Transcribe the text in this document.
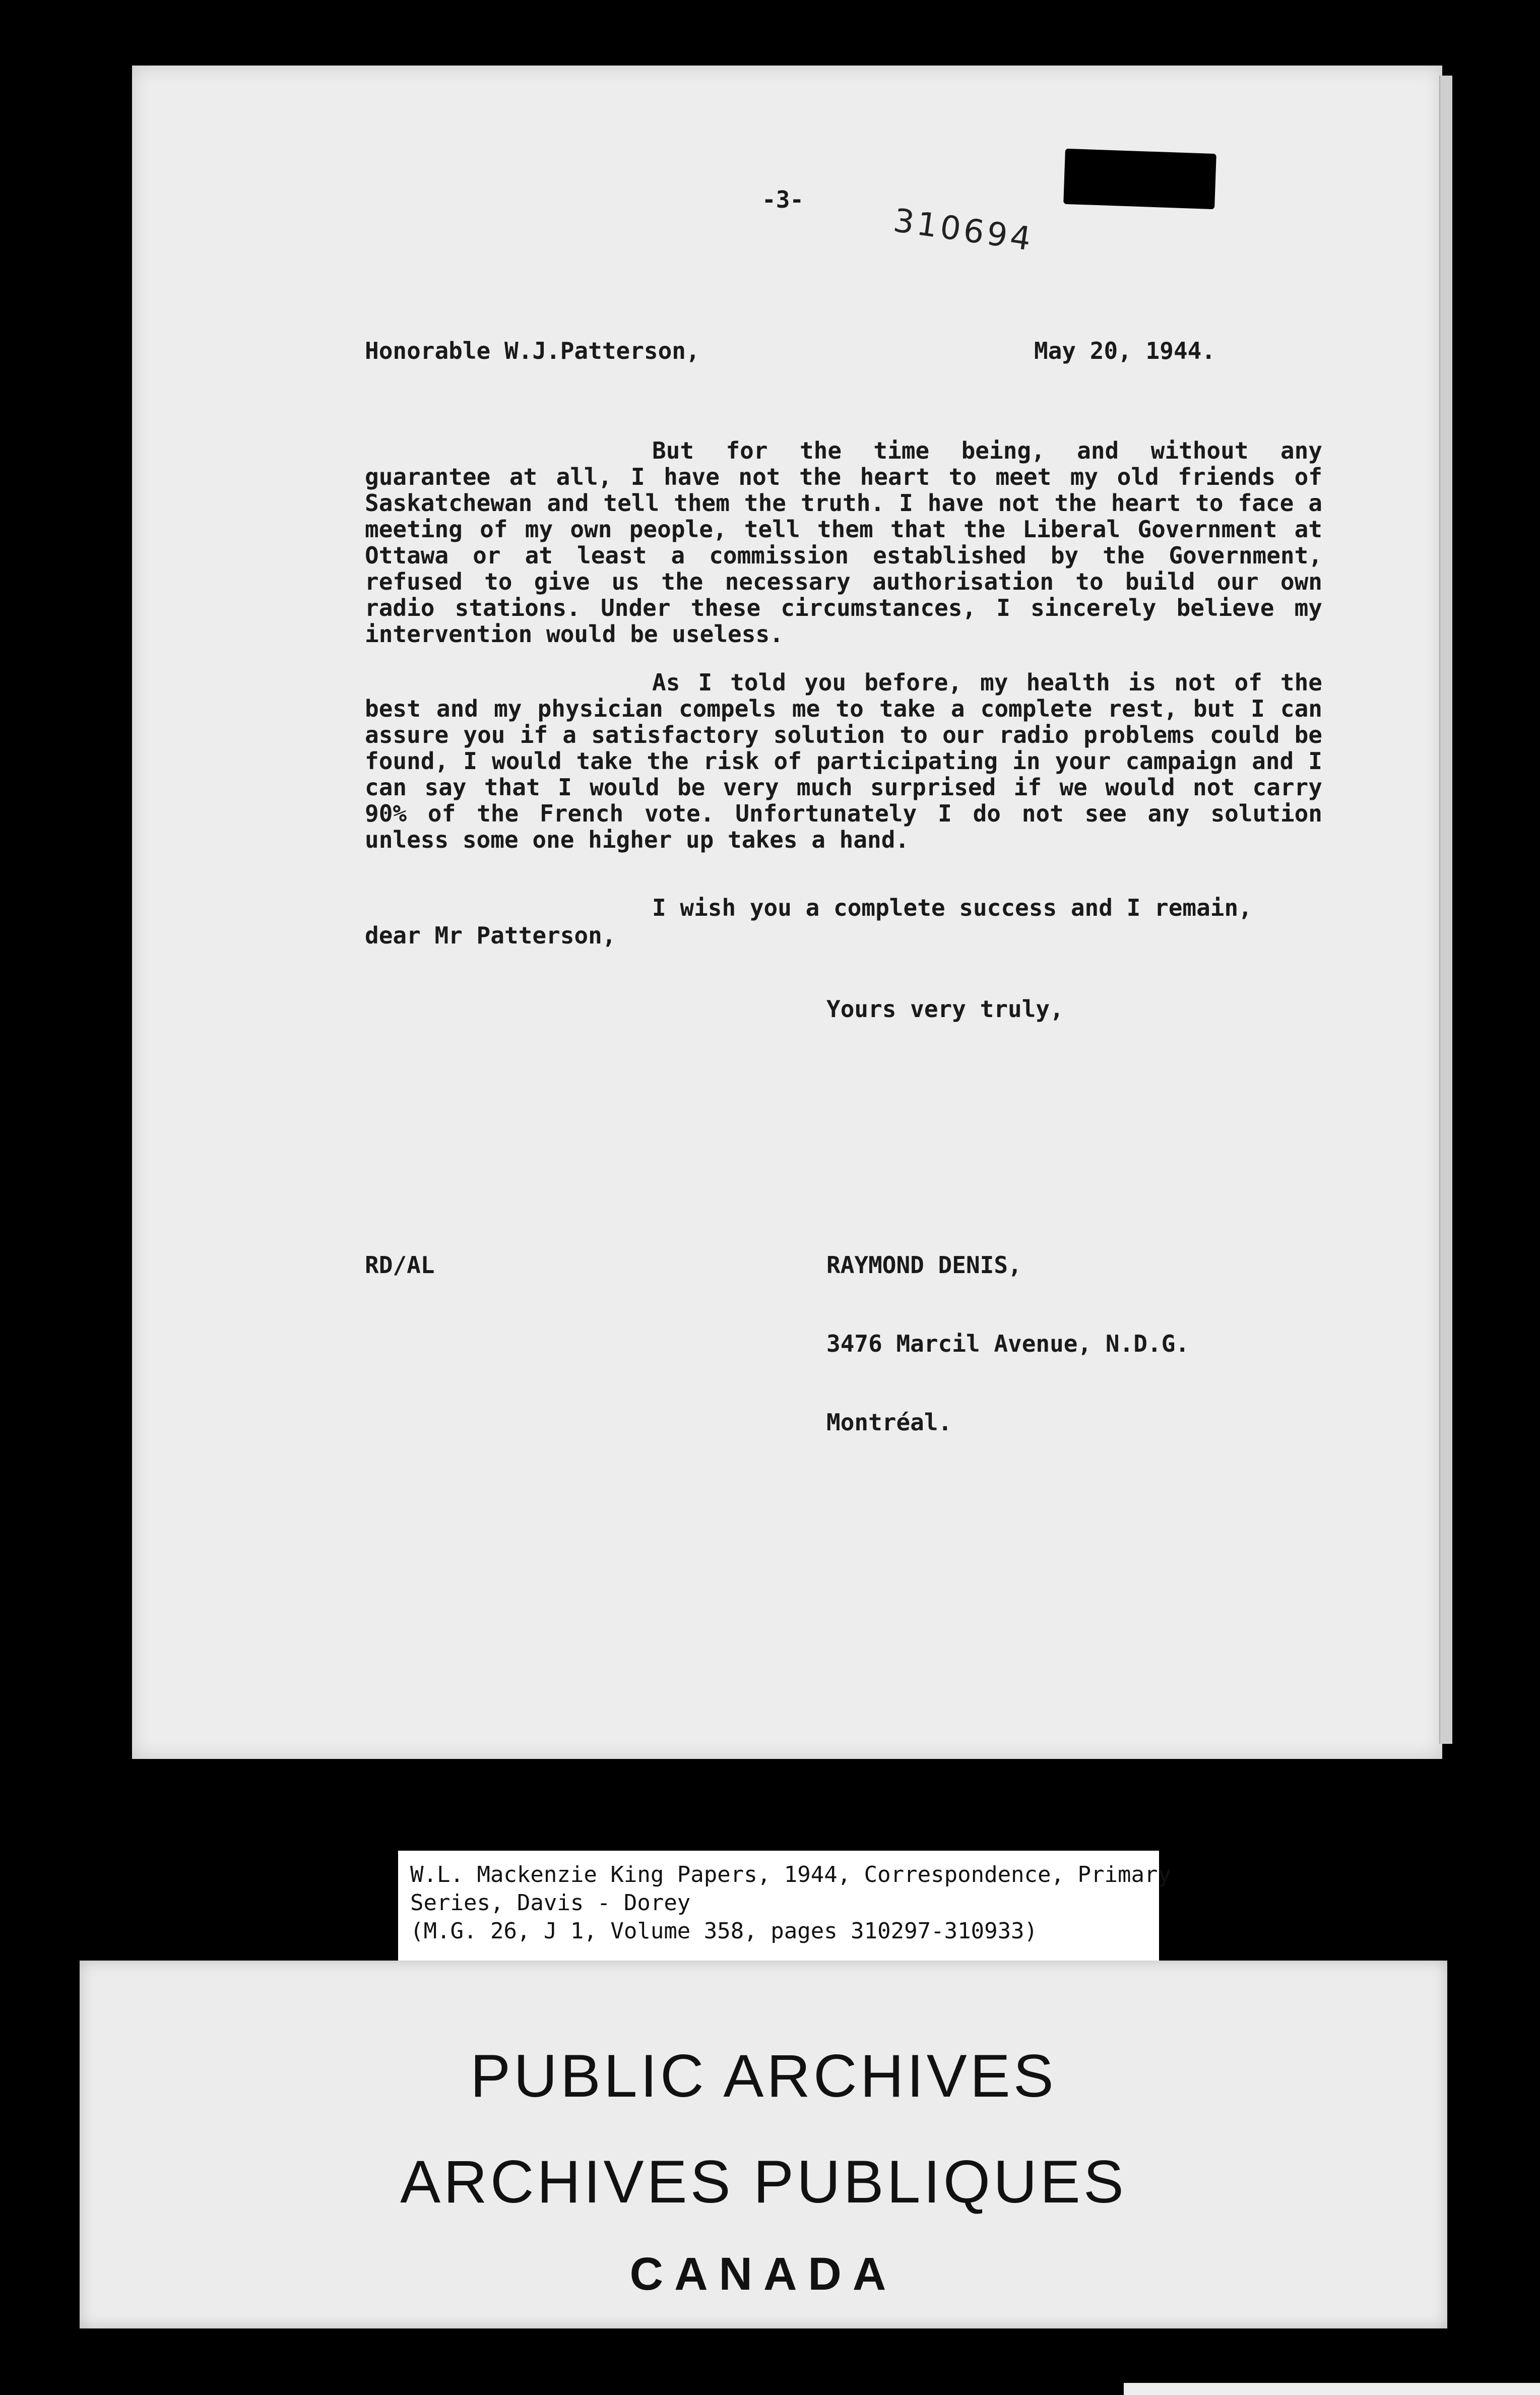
310694
-3-
Honorable W.J.Patterson,	May 20, 1944.
But for the time being, and without any guarantee at all, I have not the heart to meet my old friends of Saskatchewan and tell them the truth. I have not the heart to face a meeting of my own people, tell them that the Liberal Government at Ottawa or at least a commission established by the Government, refused to give us the necessary authorisation to build our own radio stations. Under these circumstances, I sincerely believe my intervention would be useless.
As I told you before, my health is not of the best and my physician compels me to take a complete rest, but I can assure you if a satisfactory solution to our radio problems could be found, I would take the risk of participating in your campaign and I can say that I would be very much surprised if we would not carry 90% of the French vote. Unfortunately I do not see any solution unless some one higher up takes a hand.
I wish you a complete success and I remain,
dear Mr Patterson,
Yours very truly,

RAYMOND DENIS,

3476 Marcil Avenue, N.D.G.

Montréal.

RD/AL
W.L. Mackenzie King Papers, 1944, Correspondence, Primary
Series, Davis - Dorey
(M.G. 26, J 1, Volume 358, pages 310297-310933)
PUBLIC ARCHIVES
ARCHIVES PUBLIQUES
CANADA
